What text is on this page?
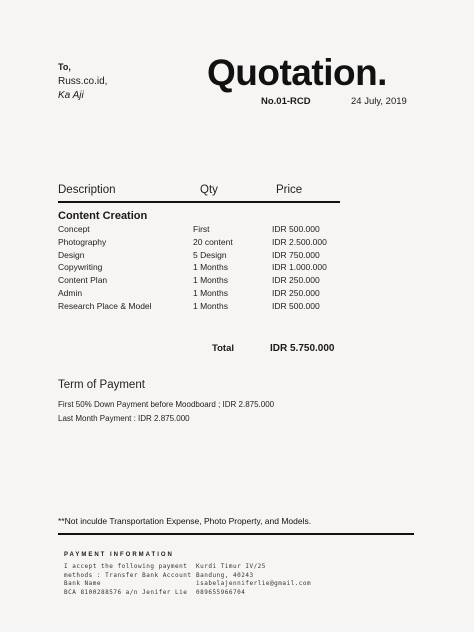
To,
Russ.co.id,
Ka Aji
Quotation.
No.01-RCD	24 July, 2019
Description	Qty	Price
Content Creation
Concept	First	IDR 500.000
Photography	20 content	IDR 2.500.000
Design	5 Design	IDR 750.000
Copywriting	1 Months	IDR 1.000.000
Content Plan	1 Months	IDR 250.000
Admin	1 Months	IDR 250.000
Research Place & Model	1 Months	IDR 500.000
Total	IDR 5.750.000
Term of Payment
First 50% Down Payment before Moodboard ; IDR 2.875.000
Last Month Payment : IDR 2.875.000
**Not inculde Transportation Expense, Photo Property, and Models.
PAYMENT INFORMATION
I accept the following payment
methods : Transfer Bank Account
Bank Name
BCA 8100288576 a/n Jenifer Lie
Kurdi Timur IV/25
Bandung, 40243
isabelajenniferlie@gmail.com
089655966704
